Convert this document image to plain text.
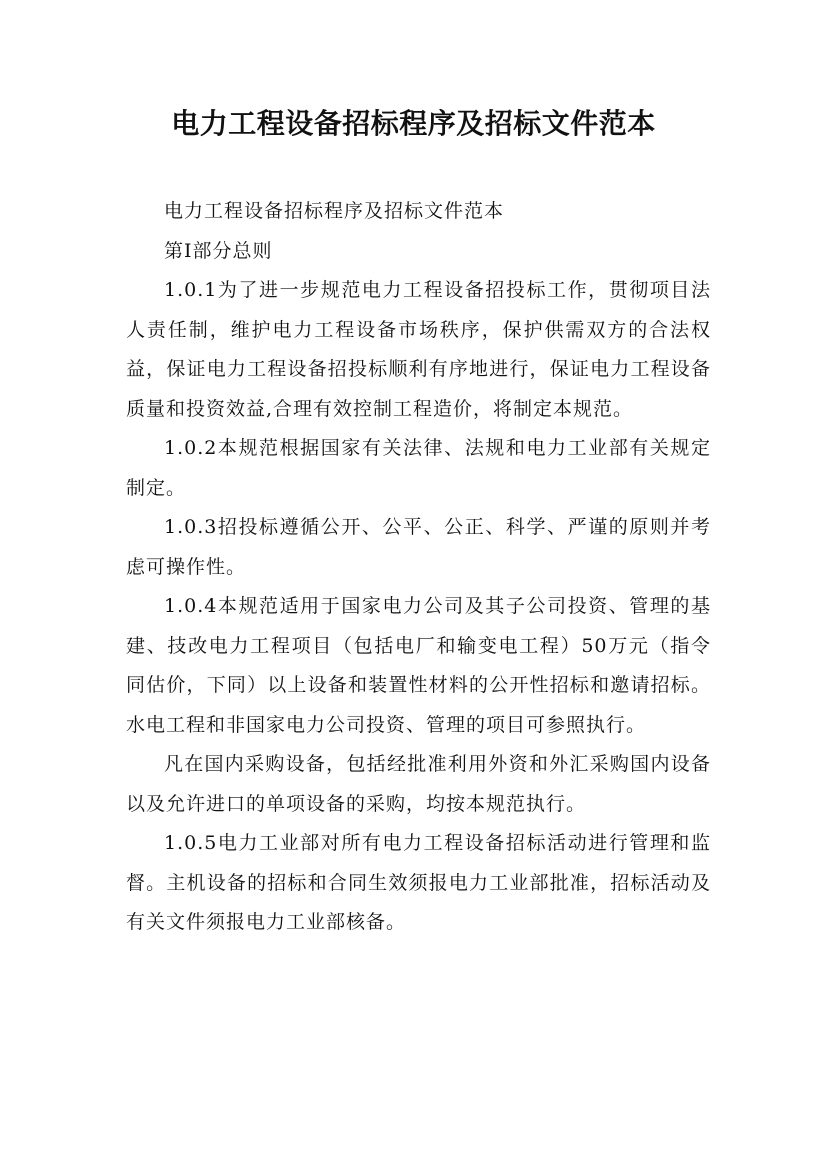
电力工程设备招标程序及招标文件范本

电力工程设备招标程序及招标文件范本

第Ⅰ部分总则

1.0.1为了进一步规范电力工程设备招投标工作，贯彻项目法人责任制，维护电力工程设备市场秩序，保护供需双方的合法权益，保证电力工程设备招投标顺利有序地进行，保证电力工程设备质量和投资效益,合理有效控制工程造价，将制定本规范。

1.0.2本规范根据国家有关法律、法规和电力工业部有关规定制定。

1.0.3招投标遵循公开、公平、公正、科学、严谨的原则并考虑可操作性。

1.0.4本规范适用于国家电力公司及其子公司投资、管理的基建、技改电力工程项目（包括电厂和输变电工程）50万元（指令同估价，下同）以上设备和装置性材料的公开性招标和邀请招标。水电工程和非国家电力公司投资、管理的项目可参照执行。

凡在国内采购设备，包括经批准利用外资和外汇采购国内设备以及允许进口的单项设备的采购，均按本规范执行。

1.0.5电力工业部对所有电力工程设备招标活动进行管理和监督。主机设备的招标和合同生效须报电力工业部批准，招标活动及有关文件须报电力工业部核备。
